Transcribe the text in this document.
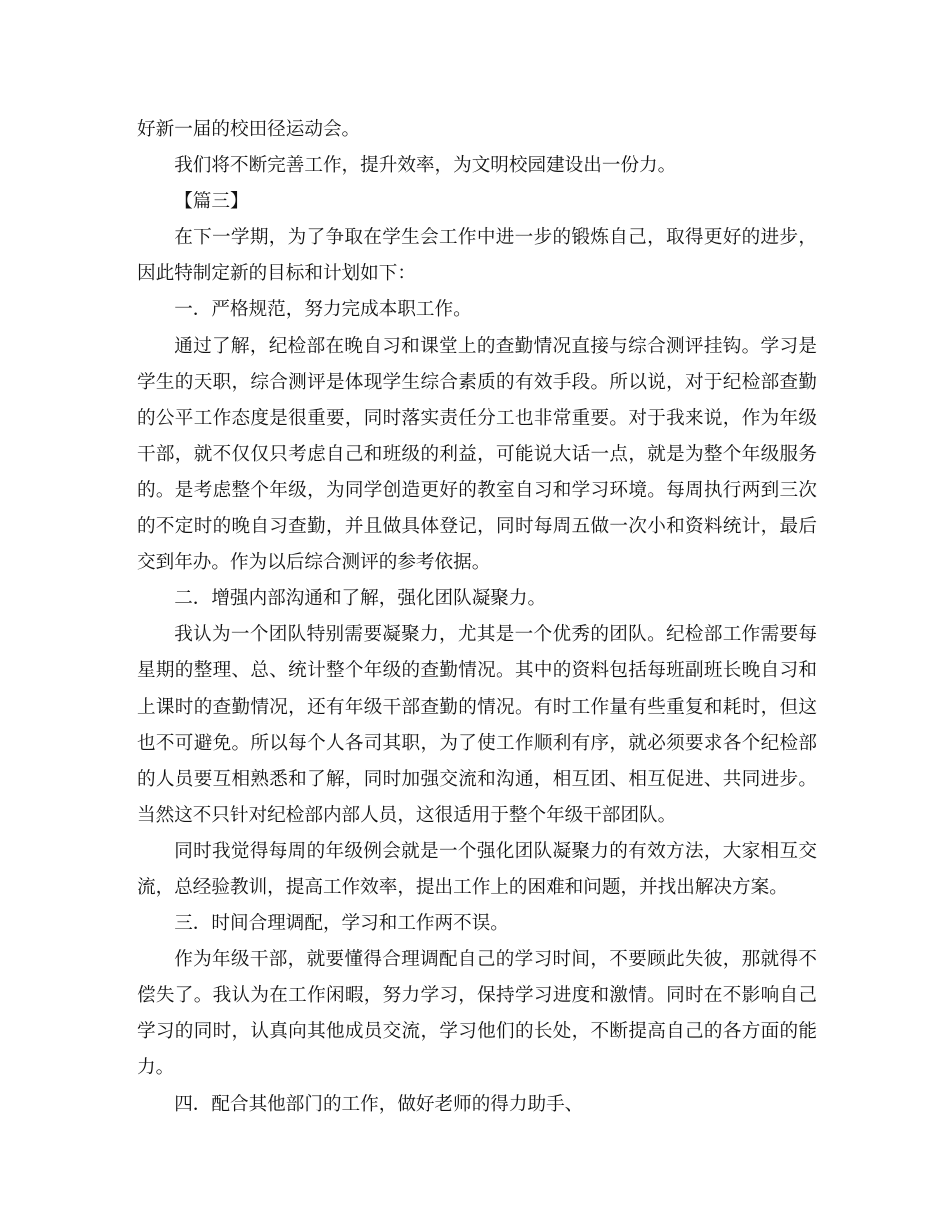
好新一届的校田径运动会。

我们将不断完善工作，提升效率，为文明校园建设出一份力。

【篇三】

在下一学期，为了争取在学生会工作中进一步的锻炼自己，取得更好的进步，因此特制定新的目标和计划如下：

一．严格规范，努力完成本职工作。

通过了解，纪检部在晚自习和课堂上的查勤情况直接与综合测评挂钩。学习是学生的天职，综合测评是体现学生综合素质的有效手段。所以说，对于纪检部查勤的公平工作态度是很重要，同时落实责任分工也非常重要。对于我来说，作为年级干部，就不仅仅只考虑自己和班级的利益，可能说大话一点，就是为整个年级服务的。是考虑整个年级，为同学创造更好的教室自习和学习环境。每周执行两到三次的不定时的晚自习查勤，并且做具体登记，同时每周五做一次小和资料统计，最后交到年办。作为以后综合测评的参考依据。

二．增强内部沟通和了解，强化团队凝聚力。

我认为一个团队特别需要凝聚力，尤其是一个优秀的团队。纪检部工作需要每星期的整理、总、统计整个年级的查勤情况。其中的资料包括每班副班长晚自习和上课时的查勤情况，还有年级干部查勤的情况。有时工作量有些重复和耗时，但这也不可避免。所以每个人各司其职，为了使工作顺利有序，就必须要求各个纪检部的人员要互相熟悉和了解，同时加强交流和沟通，相互团、相互促进、共同进步。当然这不只针对纪检部内部人员，这很适用于整个年级干部团队。

同时我觉得每周的年级例会就是一个强化团队凝聚力的有效方法，大家相互交流，总经验教训，提高工作效率，提出工作上的困难和问题，并找出解决方案。

三．时间合理调配，学习和工作两不误。

作为年级干部，就要懂得合理调配自己的学习时间，不要顾此失彼，那就得不偿失了。我认为在工作闲暇，努力学习，保持学习进度和激情。同时在不影响自己学习的同时，认真向其他成员交流，学习他们的长处，不断提高自己的各方面的能力。

四．配合其他部门的工作，做好老师的得力助手、
